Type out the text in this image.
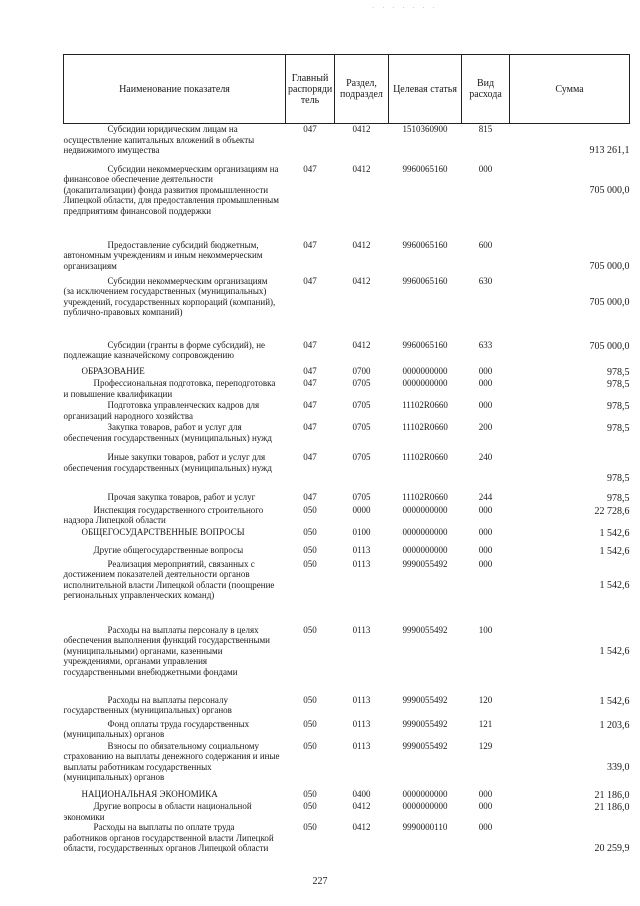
· · · · · · ·
Наименование показателя	Главный распоряди тель	Раздел, подраздел	Целевая статья	Вид расхода	Сумма

Субсидии юридическим лицам на осуществление капитальных вложений в объекты недвижимого имущества	047	0412	1510360900	815	913 261,1

Субсидии некоммерческим организациям на финансовое обеспечение деятельности (докапитализации) фонда развития промышленности Липецкой области, для предоставления промышленным предприятиям финансовой поддержки	047	0412	9960065160	000	705 000,0

Предоставление субсидий бюджетным, автономным учреждениям и иным некоммерческим организациям	047	0412	9960065160	600	705 000,0

Субсидии некоммерческим организациям (за исключением государственных (муниципальных) учреждений, государственных корпораций (компаний), публично-правовых компаний)	047	0412	9960065160	630	705 000,0

Субсидии (гранты в форме субсидий), не подлежащие казначейскому сопровождению	047	0412	9960065160	633	705 000,0

ОБРАЗОВАНИЕ	047	0700	0000000000	000	978,5

Профессиональная подготовка, переподготовка и повышение квалификации	047	0705	0000000000	000	978,5

Подготовка управленческих кадров для организаций народного хозяйства	047	0705	11102R0660	000	978,5

Закупка товаров, работ и услуг для обеспечения государственных (муниципальных) нужд	047	0705	11102R0660	200	978,5

Иные закупки товаров, работ и услуг для обеспечения государственных (муниципальных) нужд	047	0705	11102R0660	240	978,5

Прочая закупка товаров, работ и услуг	047	0705	11102R0660	244	978,5

Инспекция государственного строительного надзора Липецкой области	050	0000	0000000000	000	22 728,6

ОБЩЕГОСУДАРСТВЕННЫЕ ВОПРОСЫ	050	0100	0000000000	000	1 542,6

Другие общегосударственные вопросы	050	0113	0000000000	000	1 542,6

Реализация мероприятий, связанных с достижением показателей деятельности органов исполнительной власти Липецкой области (поощрение региональных управленческих команд)	050	0113	9990055492	000	1 542,6

Расходы на выплаты персоналу в целях обеспечения выполнения функций государственными (муниципальными) органами, казенными учреждениями, органами управления государственными внебюджетными фондами	050	0113	9990055492	100	1 542,6

Расходы на выплаты персоналу государственных (муниципальных) органов	050	0113	9990055492	120	1 542,6

Фонд оплаты труда государственных (муниципальных) органов	050	0113	9990055492	121	1 203,6

Взносы по обязательному социальному страхованию на выплаты денежного содержания и иные выплаты работникам государственных (муниципальных) органов	050	0113	9990055492	129	339,0

НАЦИОНАЛЬНАЯ ЭКОНОМИКА	050	0400	0000000000	000	21 186,0

Другие вопросы в области национальной экономики	050	0412	0000000000	000	21 186,0

Расходы на выплаты по оплате труда работников органов государственной власти Липецкой области, государственных органов Липецкой области	050	0412	9990000110	000	20 259,9
227
